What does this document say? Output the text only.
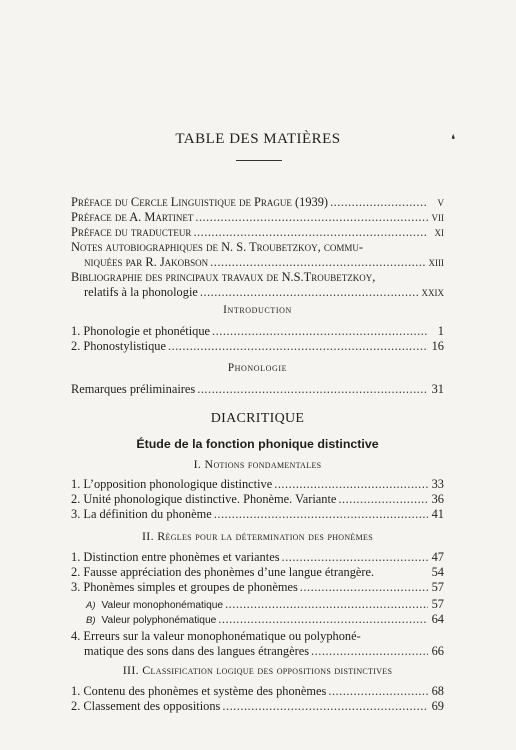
TABLE DES MATIÈRES	❛
Préface du Cercle Linguistique de Prague (1939) .....	v
Préface de A. Martinet .....	vii
Préface du traducteur .....	xi
Notes autobiographiques de N. S. Troubetzkoy, commu-
niquées par R. Jakobson .....	xiii
Bibliographie des principaux travaux de N.S.Troubetzkoy,
relatifs à la phonologie .....	xxix
Introduction
1. Phonologie et phonétique .....	1
2. Phonostylistique .....	16
Phonologie
Remarques préliminaires .....	31
DIACRITIQUE
Étude de la fonction phonique distinctive
I. Notions fondamentales
1. L’opposition phonologique distinctive .....	33
2. Unité phonologique distinctive. Phonème. Variante .....	36
3. La définition du phonème .....	41
II. Règles pour la détermination des phonèmes
1. Distinction entre phonèmes et variantes .....	47
2. Fausse appréciation des phonèmes d’une langue étrangère.	54
3. Phonèmes simples et groupes de phonèmes .....	57
A) Valeur monophonématique .....	57
B) Valeur polyphonématique .....	64
4. Erreurs sur la valeur monophonématique ou polyphoné-
matique des sons dans des langues étrangères .....	66
III. Classification logique des oppositions distinctives
1. Contenu des phonèmes et système des phonèmes .....	68
2. Classement des oppositions .....	69
